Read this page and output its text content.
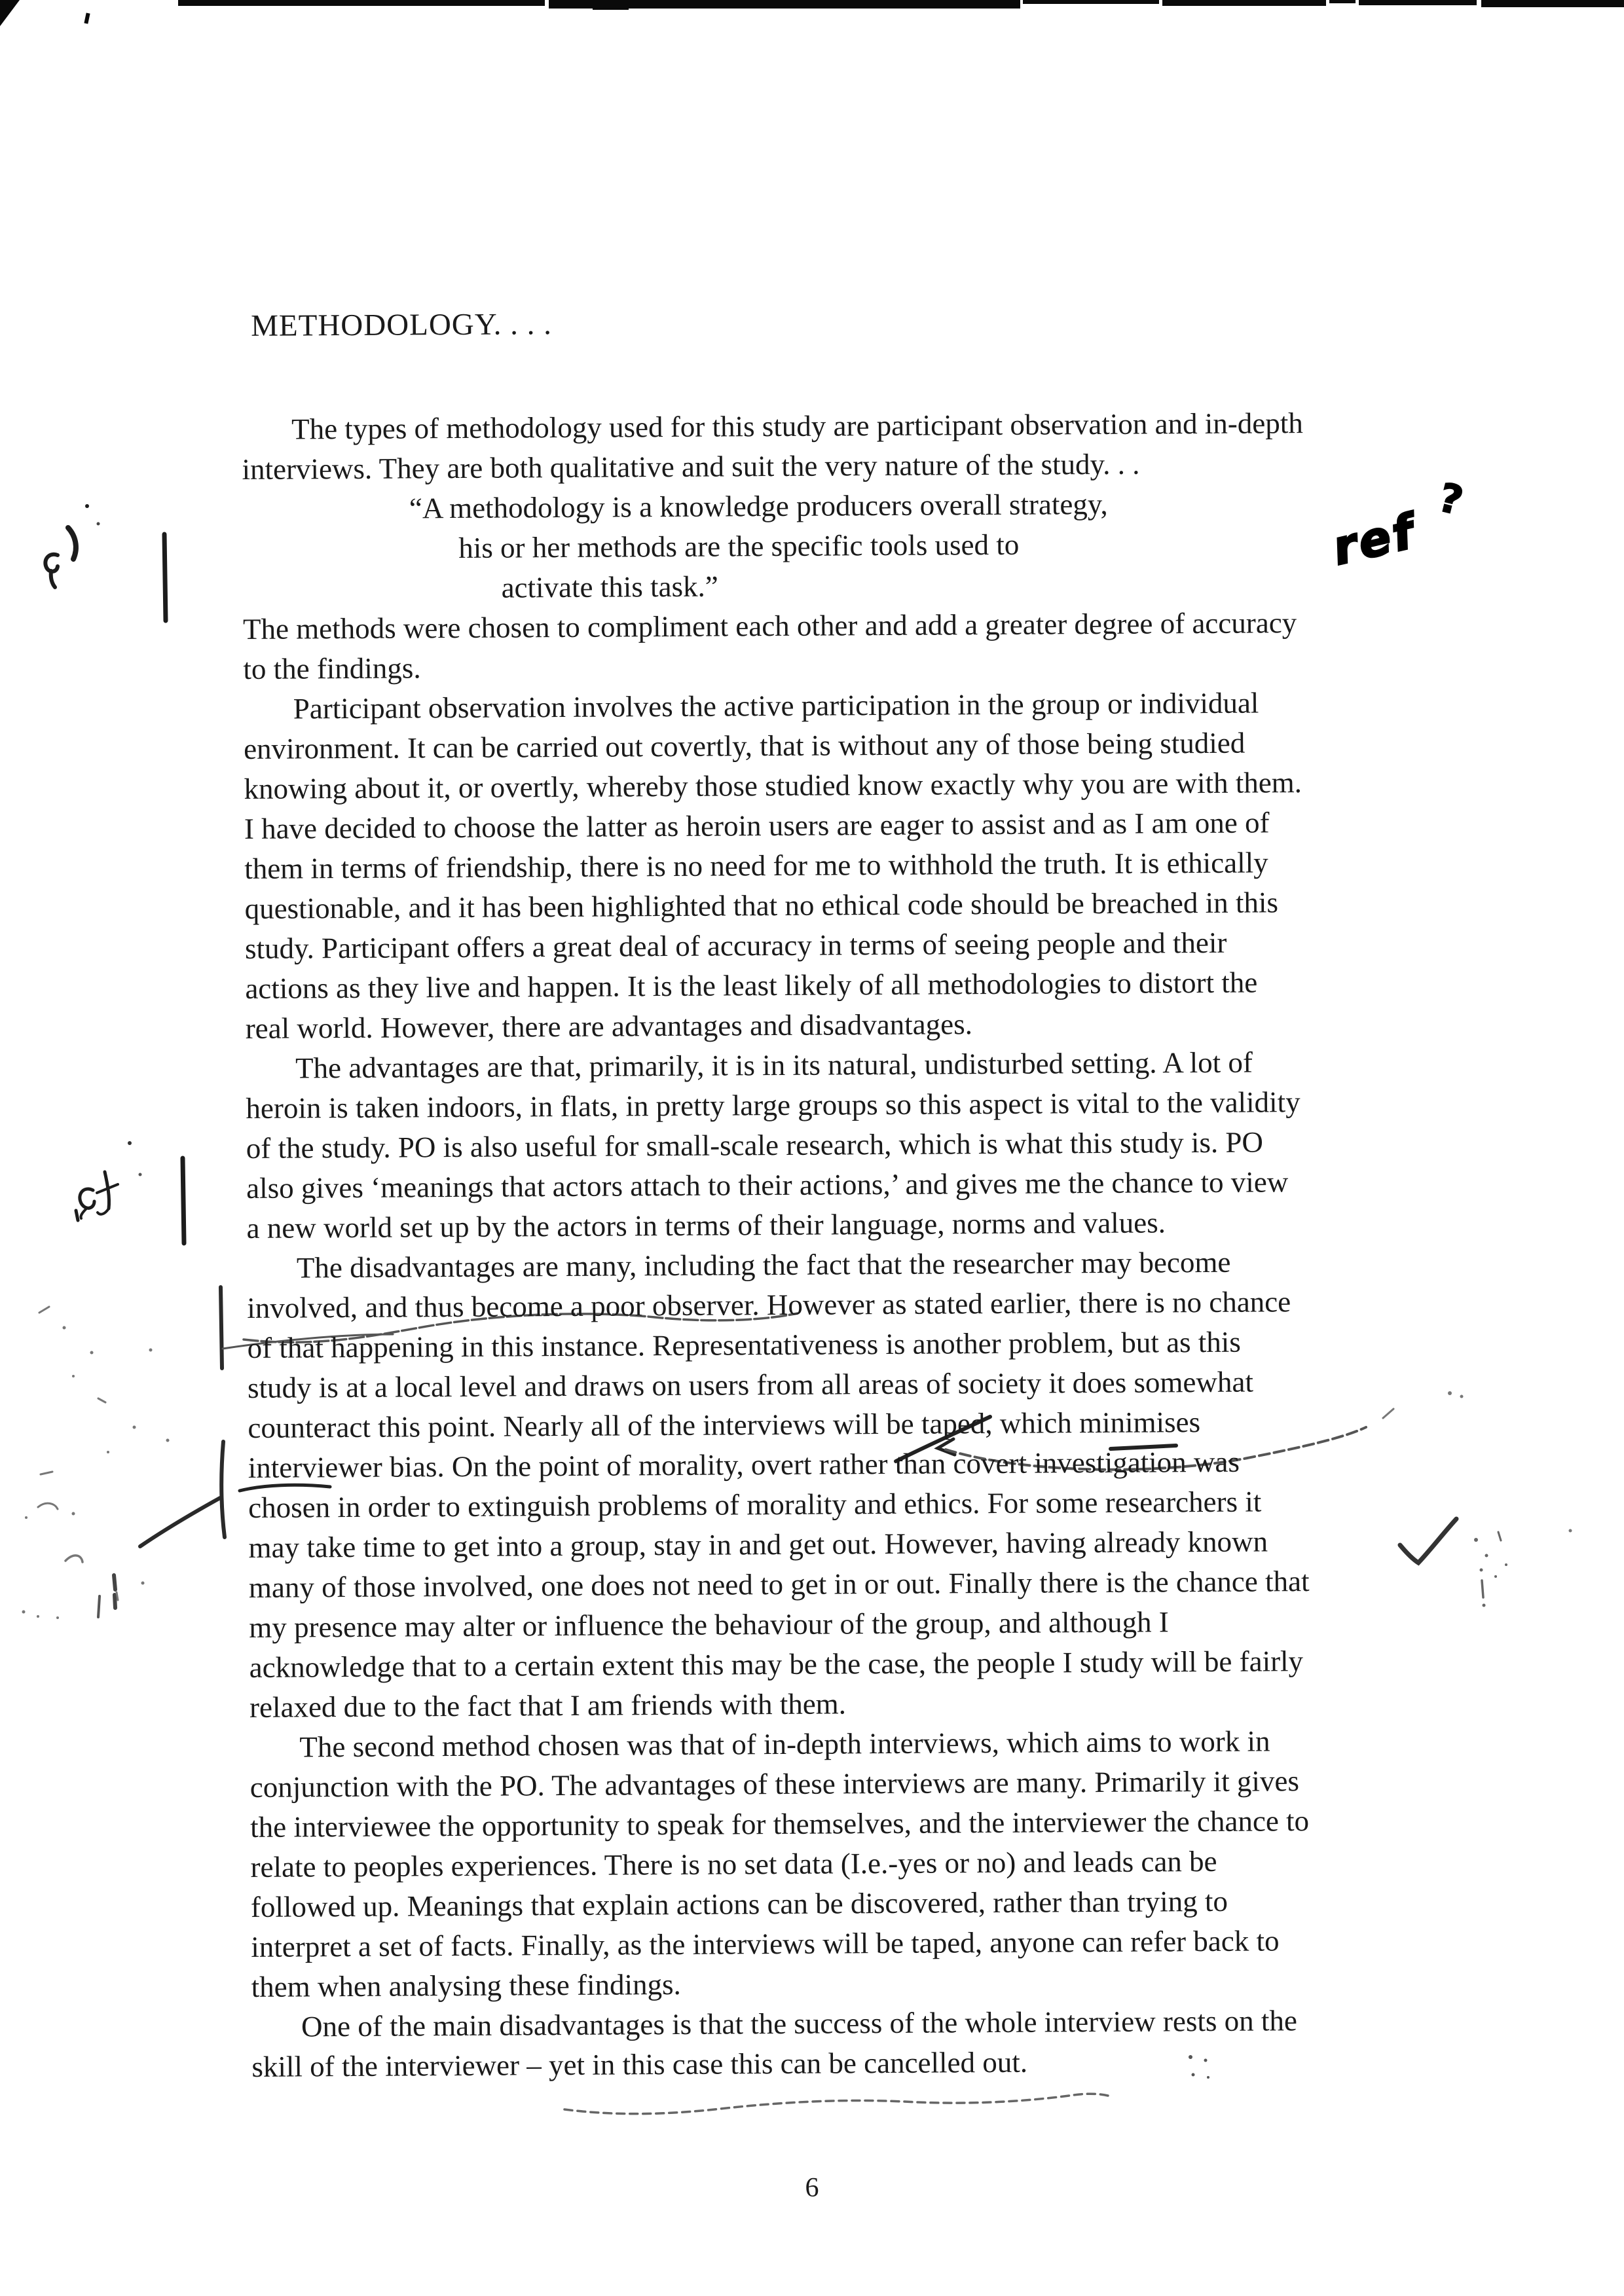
ref
?
METHODOLOGY. . . .
The types of methodology used for this study are participant observation and in-depth
interviews. They are both qualitative and suit the very nature of the study. . .
“A methodology is a knowledge producers overall strategy,
his or her methods are the specific tools used to
activate this task.”
The methods were chosen to compliment each other and add a greater degree of accuracy
to the findings.
Participant observation involves the active participation in the group or individual
environment. It can be carried out covertly, that is without any of those being studied
knowing about it, or overtly, whereby those studied know exactly why you are with them.
I have decided to choose the latter as heroin users are eager to assist and as I am one of
them in terms of friendship, there is no need for me to withhold the truth. It is ethically
questionable, and it has been highlighted that no ethical code should be breached in this
study. Participant offers a great deal of accuracy in terms of seeing people and their
actions as they live and happen. It is the least likely of all methodologies to distort the
real world. However, there are advantages and disadvantages.
The advantages are that, primarily, it is in its natural, undisturbed setting. A lot of
heroin is taken indoors, in flats, in pretty large groups so this aspect is vital to the validity
of the study. PO is also useful for small-scale research, which is what this study is. PO
also gives ‘meanings that actors attach to their actions,’ and gives me the chance to view
a new world set up by the actors in terms of their language, norms and values.
The disadvantages are many, including the fact that the researcher may become
involved, and thus become a poor observer. However as stated earlier, there is no chance
of that happening in this instance. Representativeness is another problem, but as this
study is at a local level and draws on users from all areas of society it does somewhat
counteract this point. Nearly all of the interviews will be taped, which minimises
interviewer bias. On the point of morality, overt rather than covert investigation was
chosen in order to extinguish problems of morality and ethics. For some researchers it
may take time to get into a group, stay in and get out. However, having already known
many of those involved, one does not need to get in or out. Finally there is the chance that
my presence may alter or influence the behaviour of the group, and although I
acknowledge that to a certain extent this may be the case, the people I study will be fairly
relaxed due to the fact that I am friends with them.
The second method chosen was that of in-depth interviews, which aims to work in
conjunction with the PO. The advantages of these interviews are many. Primarily it gives
the interviewee the opportunity to speak for themselves, and the interviewer the chance to
relate to peoples experiences. There is no set data (I.e.-yes or no) and leads can be
followed up. Meanings that explain actions can be discovered, rather than trying to
interpret a set of facts. Finally, as the interviews will be taped, anyone can refer back to
them when analysing these findings.
One of the main disadvantages is that the success of the whole interview rests on the
skill of the interviewer – yet in this case this can be cancelled out.
6
